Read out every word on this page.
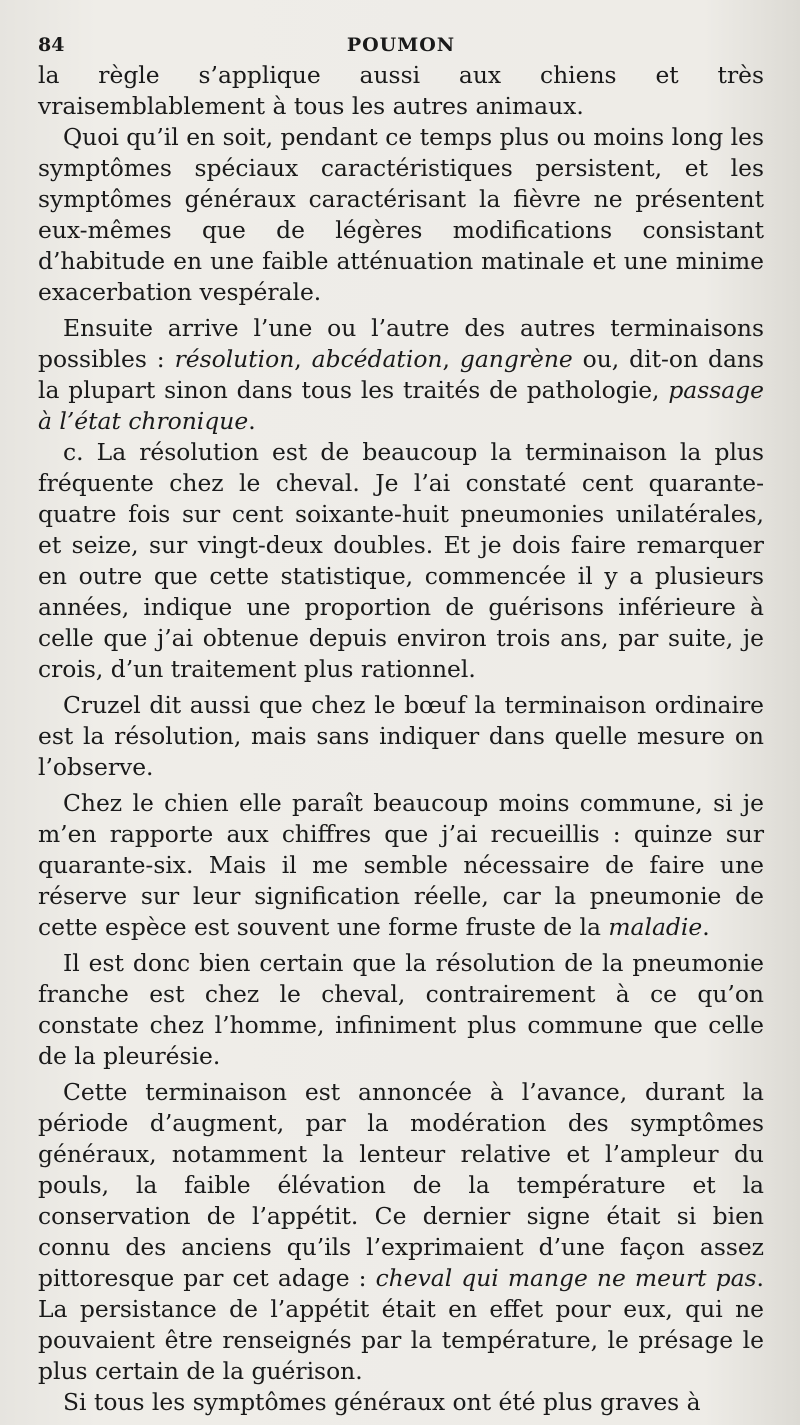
84	POUMON

la règle s’applique aussi aux chiens et très vraisemblablement à tous les autres animaux.

Quoi qu’il en soit, pendant ce temps plus ou moins long les symptômes spéciaux caractéristiques persistent, et les symptômes généraux caractérisant la fièvre ne présentent eux-mêmes que de légères modifications consistant d’habitude en une faible atténuation matinale et une minime exacerbation vespérale.

Ensuite arrive l’une ou l’autre des autres terminaisons possibles : résolution, abcédation, gangrène ou, dit-on dans la plupart sinon dans tous les traités de pathologie, passage à l’état chronique.

c. La résolution est de beaucoup la terminaison la plus fréquente chez le cheval. Je l’ai constaté cent quarante-quatre fois sur cent soixante-huit pneumonies unilatérales, et seize, sur vingt-deux doubles. Et je dois faire remarquer en outre que cette statistique, commencée il y a plusieurs années, indique une proportion de guérisons inférieure à celle que j’ai obtenue depuis environ trois ans, par suite, je crois, d’un traitement plus rationnel.

Cruzel dit aussi que chez le bœuf la terminaison ordinaire est la résolution, mais sans indiquer dans quelle mesure on l’observe.

Chez le chien elle paraît beaucoup moins commune, si je m’en rapporte aux chiffres que j’ai recueillis : quinze sur quarante-six. Mais il me semble nécessaire de faire une réserve sur leur signification réelle, car la pneumonie de cette espèce est souvent une forme fruste de la maladie.

Il est donc bien certain que la résolution de la pneumonie franche est chez le cheval, contrairement à ce qu’on constate chez l’homme, infiniment plus commune que celle de la pleurésie.

Cette terminaison est annoncée à l’avance, durant la période d’augment, par la modération des symptômes généraux, notamment la lenteur relative et l’ampleur du pouls, la faible élévation de la température et la conservation de l’appétit. Ce dernier signe était si bien connu des anciens qu’ils l’exprimaient d’une façon assez pittoresque par cet adage : cheval qui mange ne meurt pas. La persistance de l’appétit était en effet pour eux, qui ne pouvaient être renseignés par la température, le présage le plus certain de la guérison.

Si tous les symptômes généraux ont été plus graves à
